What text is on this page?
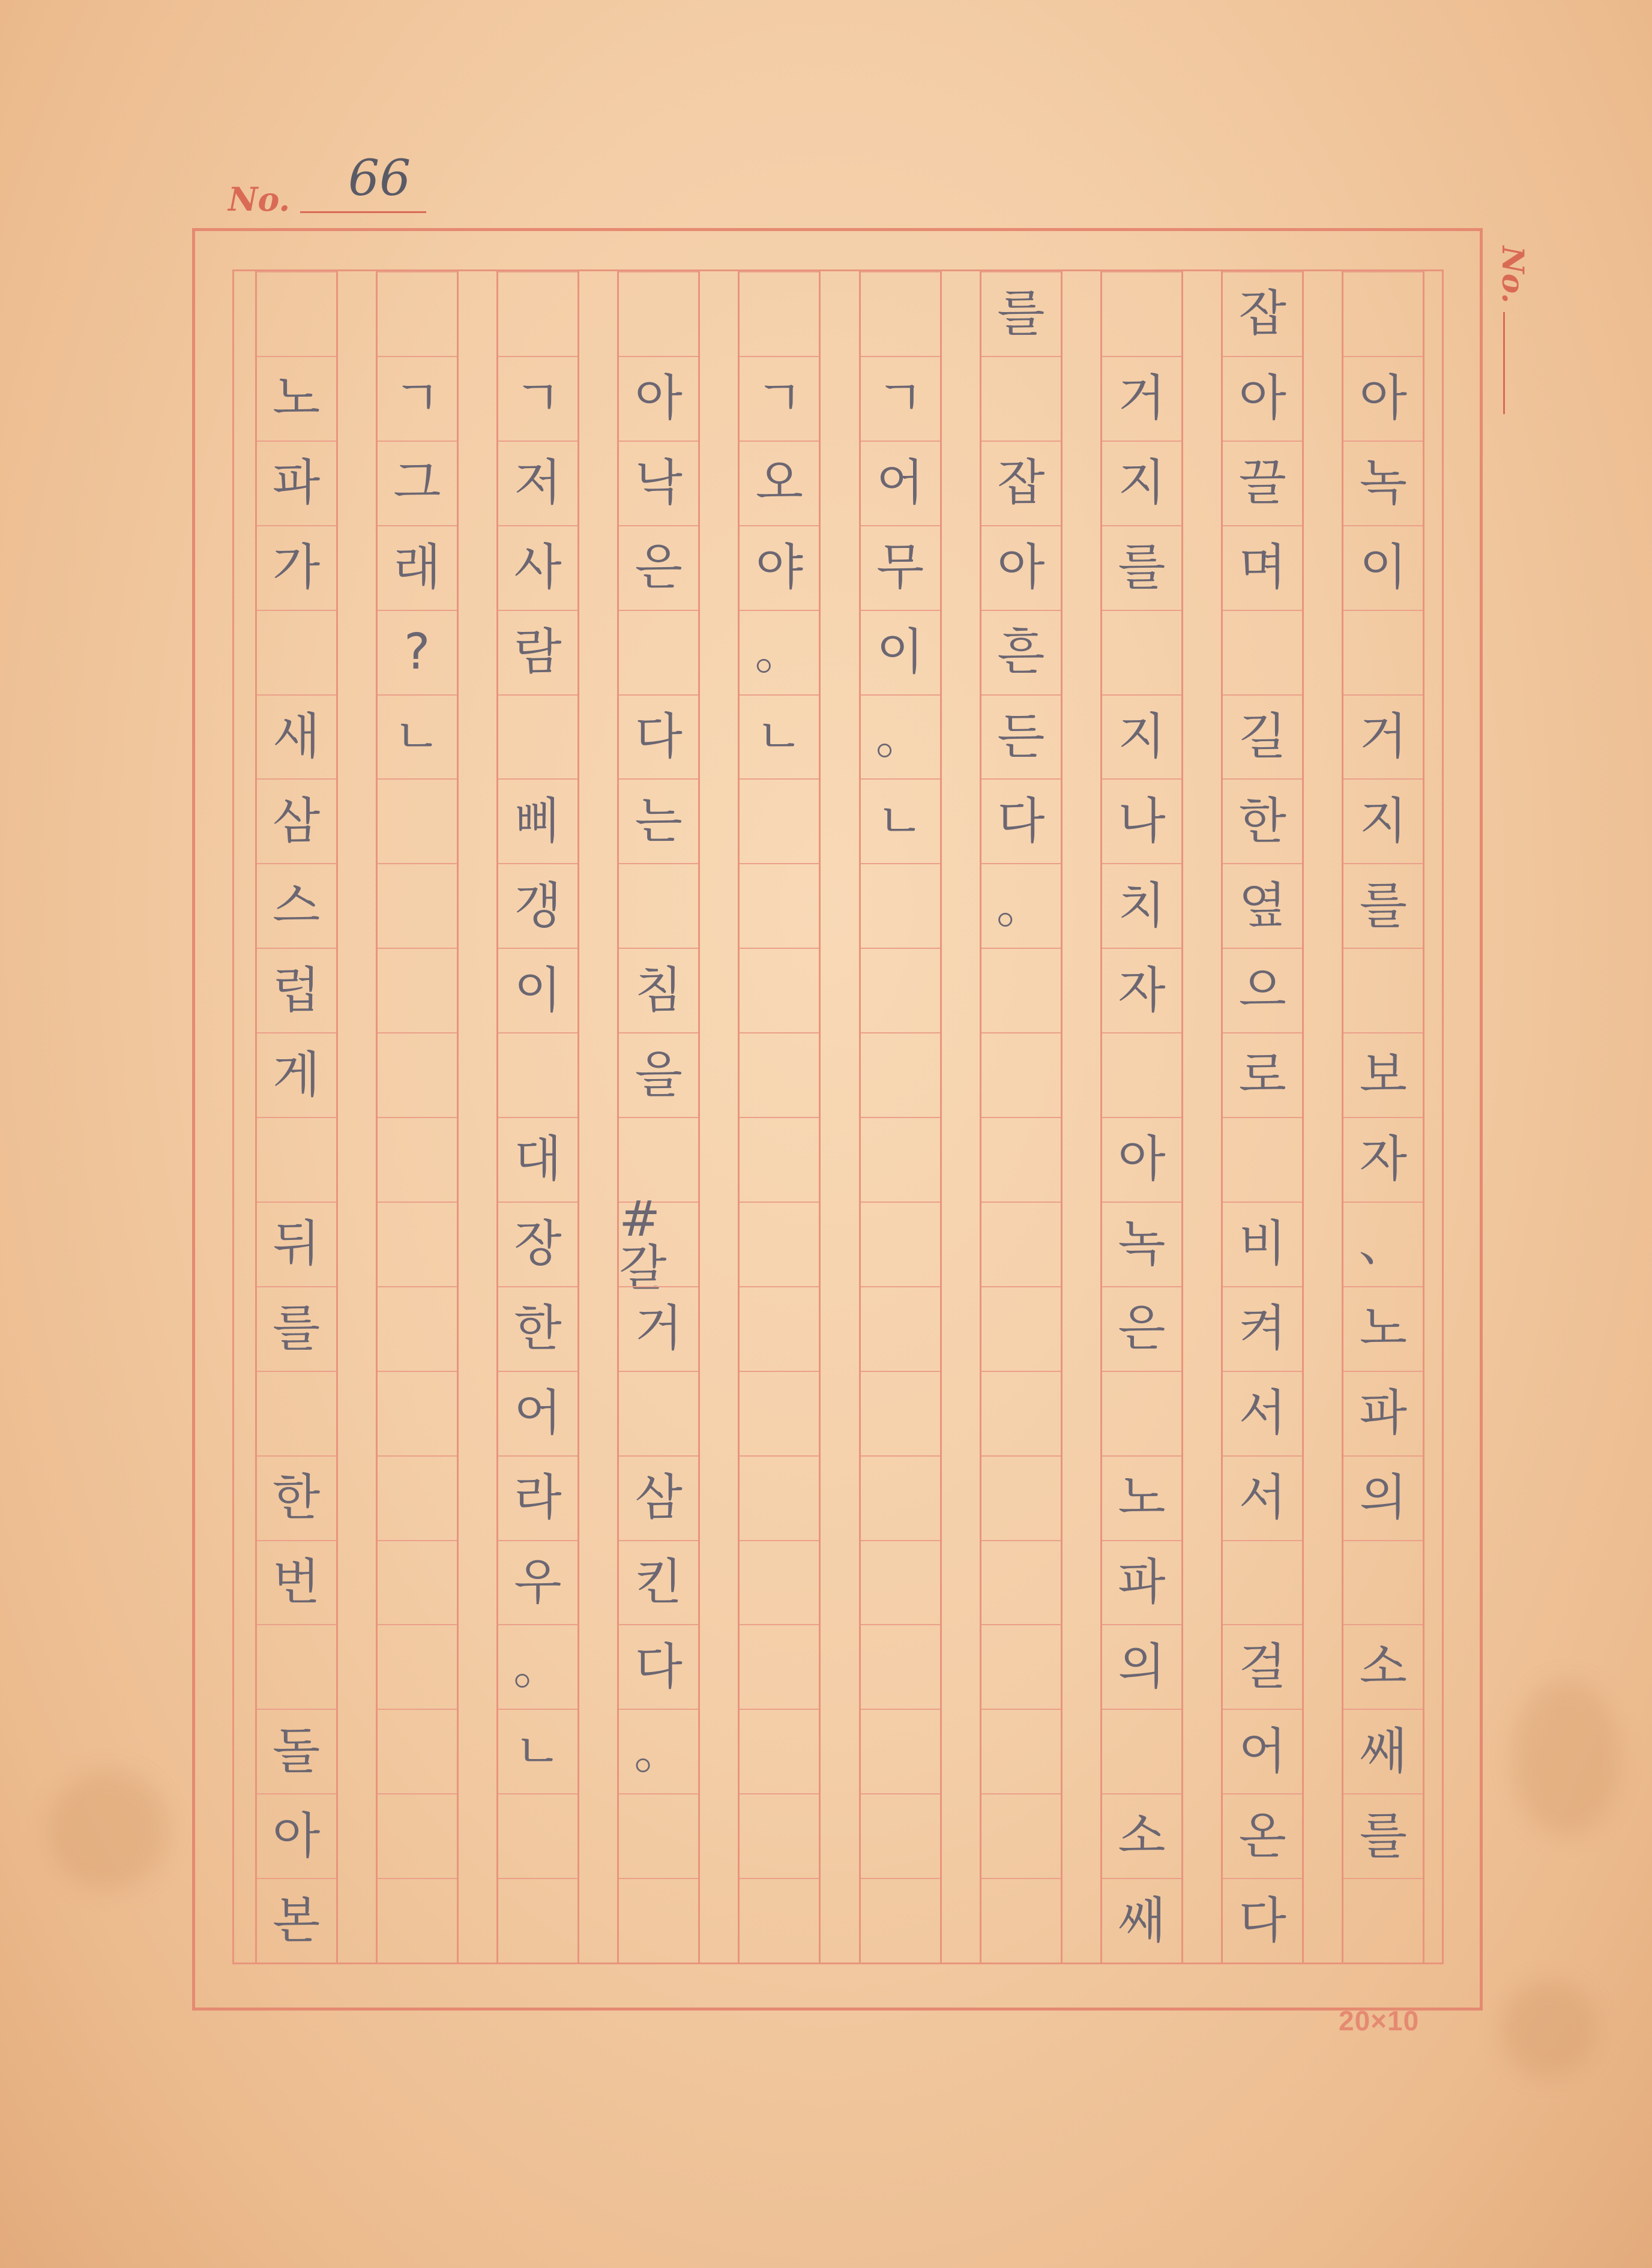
No. 66
No.
아
녹
이
거
지
를
보
자
、
노
파
의
소
쌔
를
잡
아
끌
며
길
한
옆
으
로
비
켜
서
서
걸
어
온
다
거
지
를
지
나
치
자
아
녹
은
노
파
의
소
쌔
를
잡
아
흔
든
다
。
ㄱ
어
무
이
。
ㄴ
ㄱ
오
야
。
ㄴ
아
낙
은
다
는
침
을
#갈
거
삼
킨
다
。
ㄱ
저
사
람
삐
갱
이
대
장
한
어
라
우
。
ㄴ
ㄱ
그
래
?
ㄴ
노
파
가
새
삼
스
럽
게
뒤
를
한
번
돌
아
본
20×10
